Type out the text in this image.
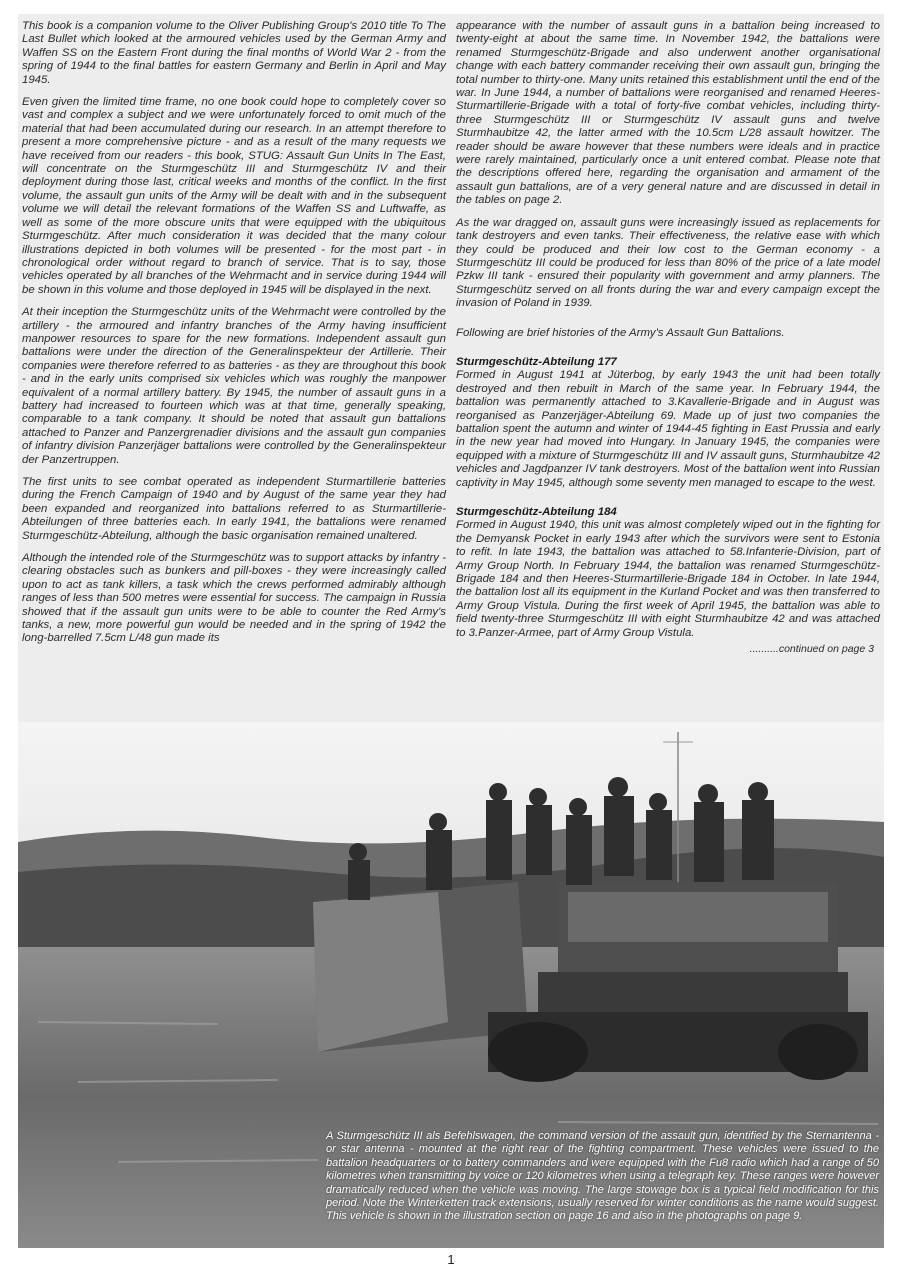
This book is a companion volume to the Oliver Publishing Group's 2010 title To The Last Bullet which looked at the armoured vehicles used by the German Army and Waffen SS on the Eastern Front during the final months of World War 2 - from the spring of 1944 to the final battles for eastern Germany and Berlin in April and May 1945.

Even given the limited time frame, no one book could hope to completely cover so vast and complex a subject and we were unfortunately forced to omit much of the material that had been accumulated during our research. In an attempt therefore to present a more comprehensive picture - and as a result of the many requests we have received from our readers - this book, STUG: Assault Gun Units In The East, will concentrate on the Sturmgeschütz III and Sturmgeschütz IV and their deployment during those last, critical weeks and months of the conflict. In the first volume, the assault gun units of the Army will be dealt with and in the subsequent volume we will detail the relevant formations of the Waffen SS and Luftwaffe, as well as some of the more obscure units that were equipped with the ubiquitous Sturmgeschütz. After much consideration it was decided that the many colour illustrations depicted in both volumes will be presented - for the most part - in chronological order without regard to branch of service. That is to say, those vehicles operated by all branches of the Wehrmacht and in service during 1944 will be shown in this volume and those deployed in 1945 will be displayed in the next.

At their inception the Sturmgeschütz units of the Wehrmacht were controlled by the artillery - the armoured and infantry branches of the Army having insufficient manpower resources to spare for the new formations. Independent assault gun battalions were under the direction of the Generalinspekteur der Artillerie. Their companies were therefore referred to as batteries - as they are throughout this book - and in the early units comprised six vehicles which was roughly the manpower equivalent of a normal artillery battery. By 1945, the number of assault guns in a battery had increased to fourteen which was at that time, generally speaking, comparable to a tank company. It should be noted that assault gun battalions attached to Panzer and Panzergrenadier divisions and the assault gun companies of infantry division Panzerjäger battalions were controlled by the Generalinspekteur der Panzertruppen.

The first units to see combat operated as independent Sturmartillerie batteries during the French Campaign of 1940 and by August of the same year they had been expanded and reorganized into battalions referred to as Sturmartillerie-Abteilungen of three batteries each. In early 1941, the battalions were renamed Sturmgeschütz-Abteilung, although the basic organisation remained unaltered.

Although the intended role of the Sturmgeschütz was to support attacks by infantry - clearing obstacles such as bunkers and pill-boxes - they were increasingly called upon to act as tank killers, a task which the crews performed admirably although ranges of less than 500 metres were essential for success. The campaign in Russia showed that if the assault gun units were to be able to counter the Red Army's tanks, a new, more powerful gun would be needed and in the spring of 1942 the long-barrelled 7.5cm L/48 gun made its

appearance with the number of assault guns in a battalion being increased to twenty-eight at about the same time. In November 1942, the battalions were renamed Sturmgeschütz-Brigade and also underwent another organisational change with each battery commander receiving their own assault gun, bringing the total number to thirty-one. Many units retained this establishment until the end of the war. In June 1944, a number of battalions were reorganised and renamed Heeres- Sturmartillerie-Brigade with a total of forty-five combat vehicles, including thirty-three Sturmgeschütz III or Sturmgeschütz IV assault guns and twelve Sturmhaubitze 42, the latter armed with the 10.5cm L/28 assault howitzer. The reader should be aware however that these numbers were ideals and in practice were rarely maintained, particularly once a unit entered combat. Please note that the descriptions offered here, regarding the organisation and armament of the assault gun battalions, are of a very general nature and are discussed in detail in the tables on page 2.

As the war dragged on, assault guns were increasingly issued as replacements for tank destroyers and even tanks. Their effectiveness, the relative ease with which they could be produced and their low cost to the German economy - a Sturmgeschütz III could be produced for less than 80% of the price of a late model Pzkw III tank - ensured their popularity with government and army planners. The Sturmgeschütz served on all fronts during the war and every campaign except the invasion of Poland in 1939.

Following are brief histories of the Army's Assault Gun Battalions.

Sturmgeschütz-Abteilung 177

Formed in August 1941 at Jüterbog, by early 1943 the unit had been totally destroyed and then rebuilt in March of the same year. In February 1944, the battalion was permanently attached to 3.Kavallerie-Brigade and in August was reorganised as Panzerjäger-Abteilung 69. Made up of just two companies the battalion spent the autumn and winter of 1944-45 fighting in East Prussia and early in the new year had moved into Hungary. In January 1945, the companies were equipped with a mixture of Sturmgeschütz III and IV assault guns, Sturmhaubitze 42 vehicles and Jagdpanzer IV tank destroyers. Most of the battalion went into Russian captivity in May 1945, although some seventy men managed to escape to the west.

Sturmgeschütz-Abteilung 184

Formed in August 1940, this unit was almost completely wiped out in the fighting for the Demyansk Pocket in early 1943 after which the survivors were sent to Estonia to refit. In late 1943, the battalion was attached to 58.Infanterie-Division, part of Army Group North. In February 1944, the battalion was renamed Sturmgeschütz-Brigade 184 and then Heeres-Sturmartillerie-Brigade 184 in October. In late 1944, the battalion lost all its equipment in the Kurland Pocket and was then transferred to Army Group Vistula. During the first week of April 1945, the battalion was able to field twenty-three Sturmgeschütz III with eight Sturmhaubitze 42 and was attached to 3.Panzer-Armee, part of Army Group Vistula.

..........continued on page 3
A Sturmgeschütz III als Befehlswagen, the command version of the assault gun, identified by the Sternantenna - or star antenna - mounted at the right rear of the fighting compartment. These vehicles were issued to the battalion headquarters or to battery commanders and were equipped with the Fu8 radio which had a range of 50 kilometres when transmitting by voice or 120 kilometres when using a telegraph key. These ranges were however dramatically reduced when the vehicle was moving. The large stowage box is a typical field modification for this period. Note the Winterketten track extensions, usually reserved for winter conditions as the name would suggest. This vehicle is shown in the illustration section on page 16 and also in the photographs on page 9.
1
